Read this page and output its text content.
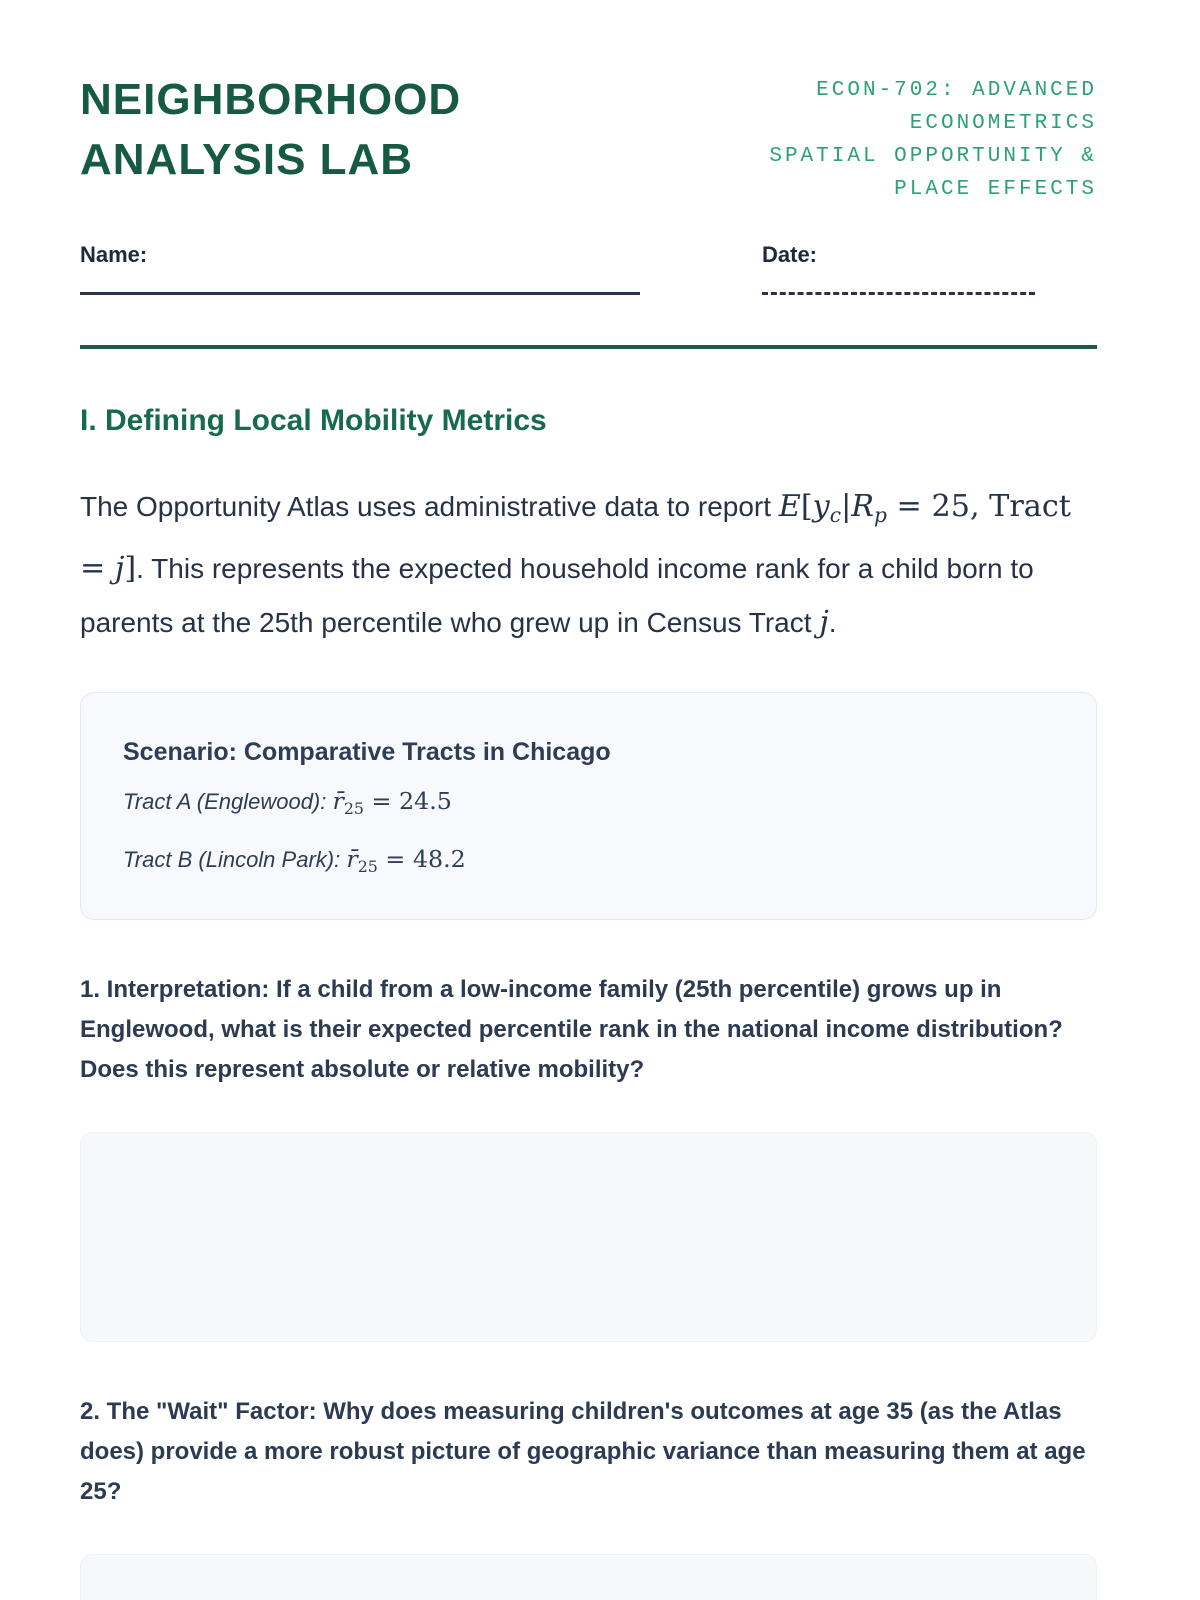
NEIGHBORHOOD
ANALYSIS LAB
ECON-702: ADVANCED
ECONOMETRICS
SPATIAL OPPORTUNITY &
PLACE EFFECTS
Name:	Date:
I. Defining Local Mobility Metrics

The Opportunity Atlas uses administrative data to report $E[y_c|R_p = 25$, Tract = j]. This represents the expected household income rank for a child born to parents at the 25th percentile who grew up in Census Tract j.

Scenario: Comparative Tracts in Chicago
Tract A (Englewood): $r̄_{25} = 24.5$
Tract B (Lincoln Park): $r̄_{25} = 48.2$

1. Interpretation: If a child from a low-income family (25th percentile) grows up in Englewood, what is their expected percentile rank in the national income distribution? Does this represent absolute or relative mobility?

2. The "Wait" Factor: Why does measuring children's outcomes at age 35 (as the Atlas does) provide a more robust picture of geographic variance than measuring them at age 25?
